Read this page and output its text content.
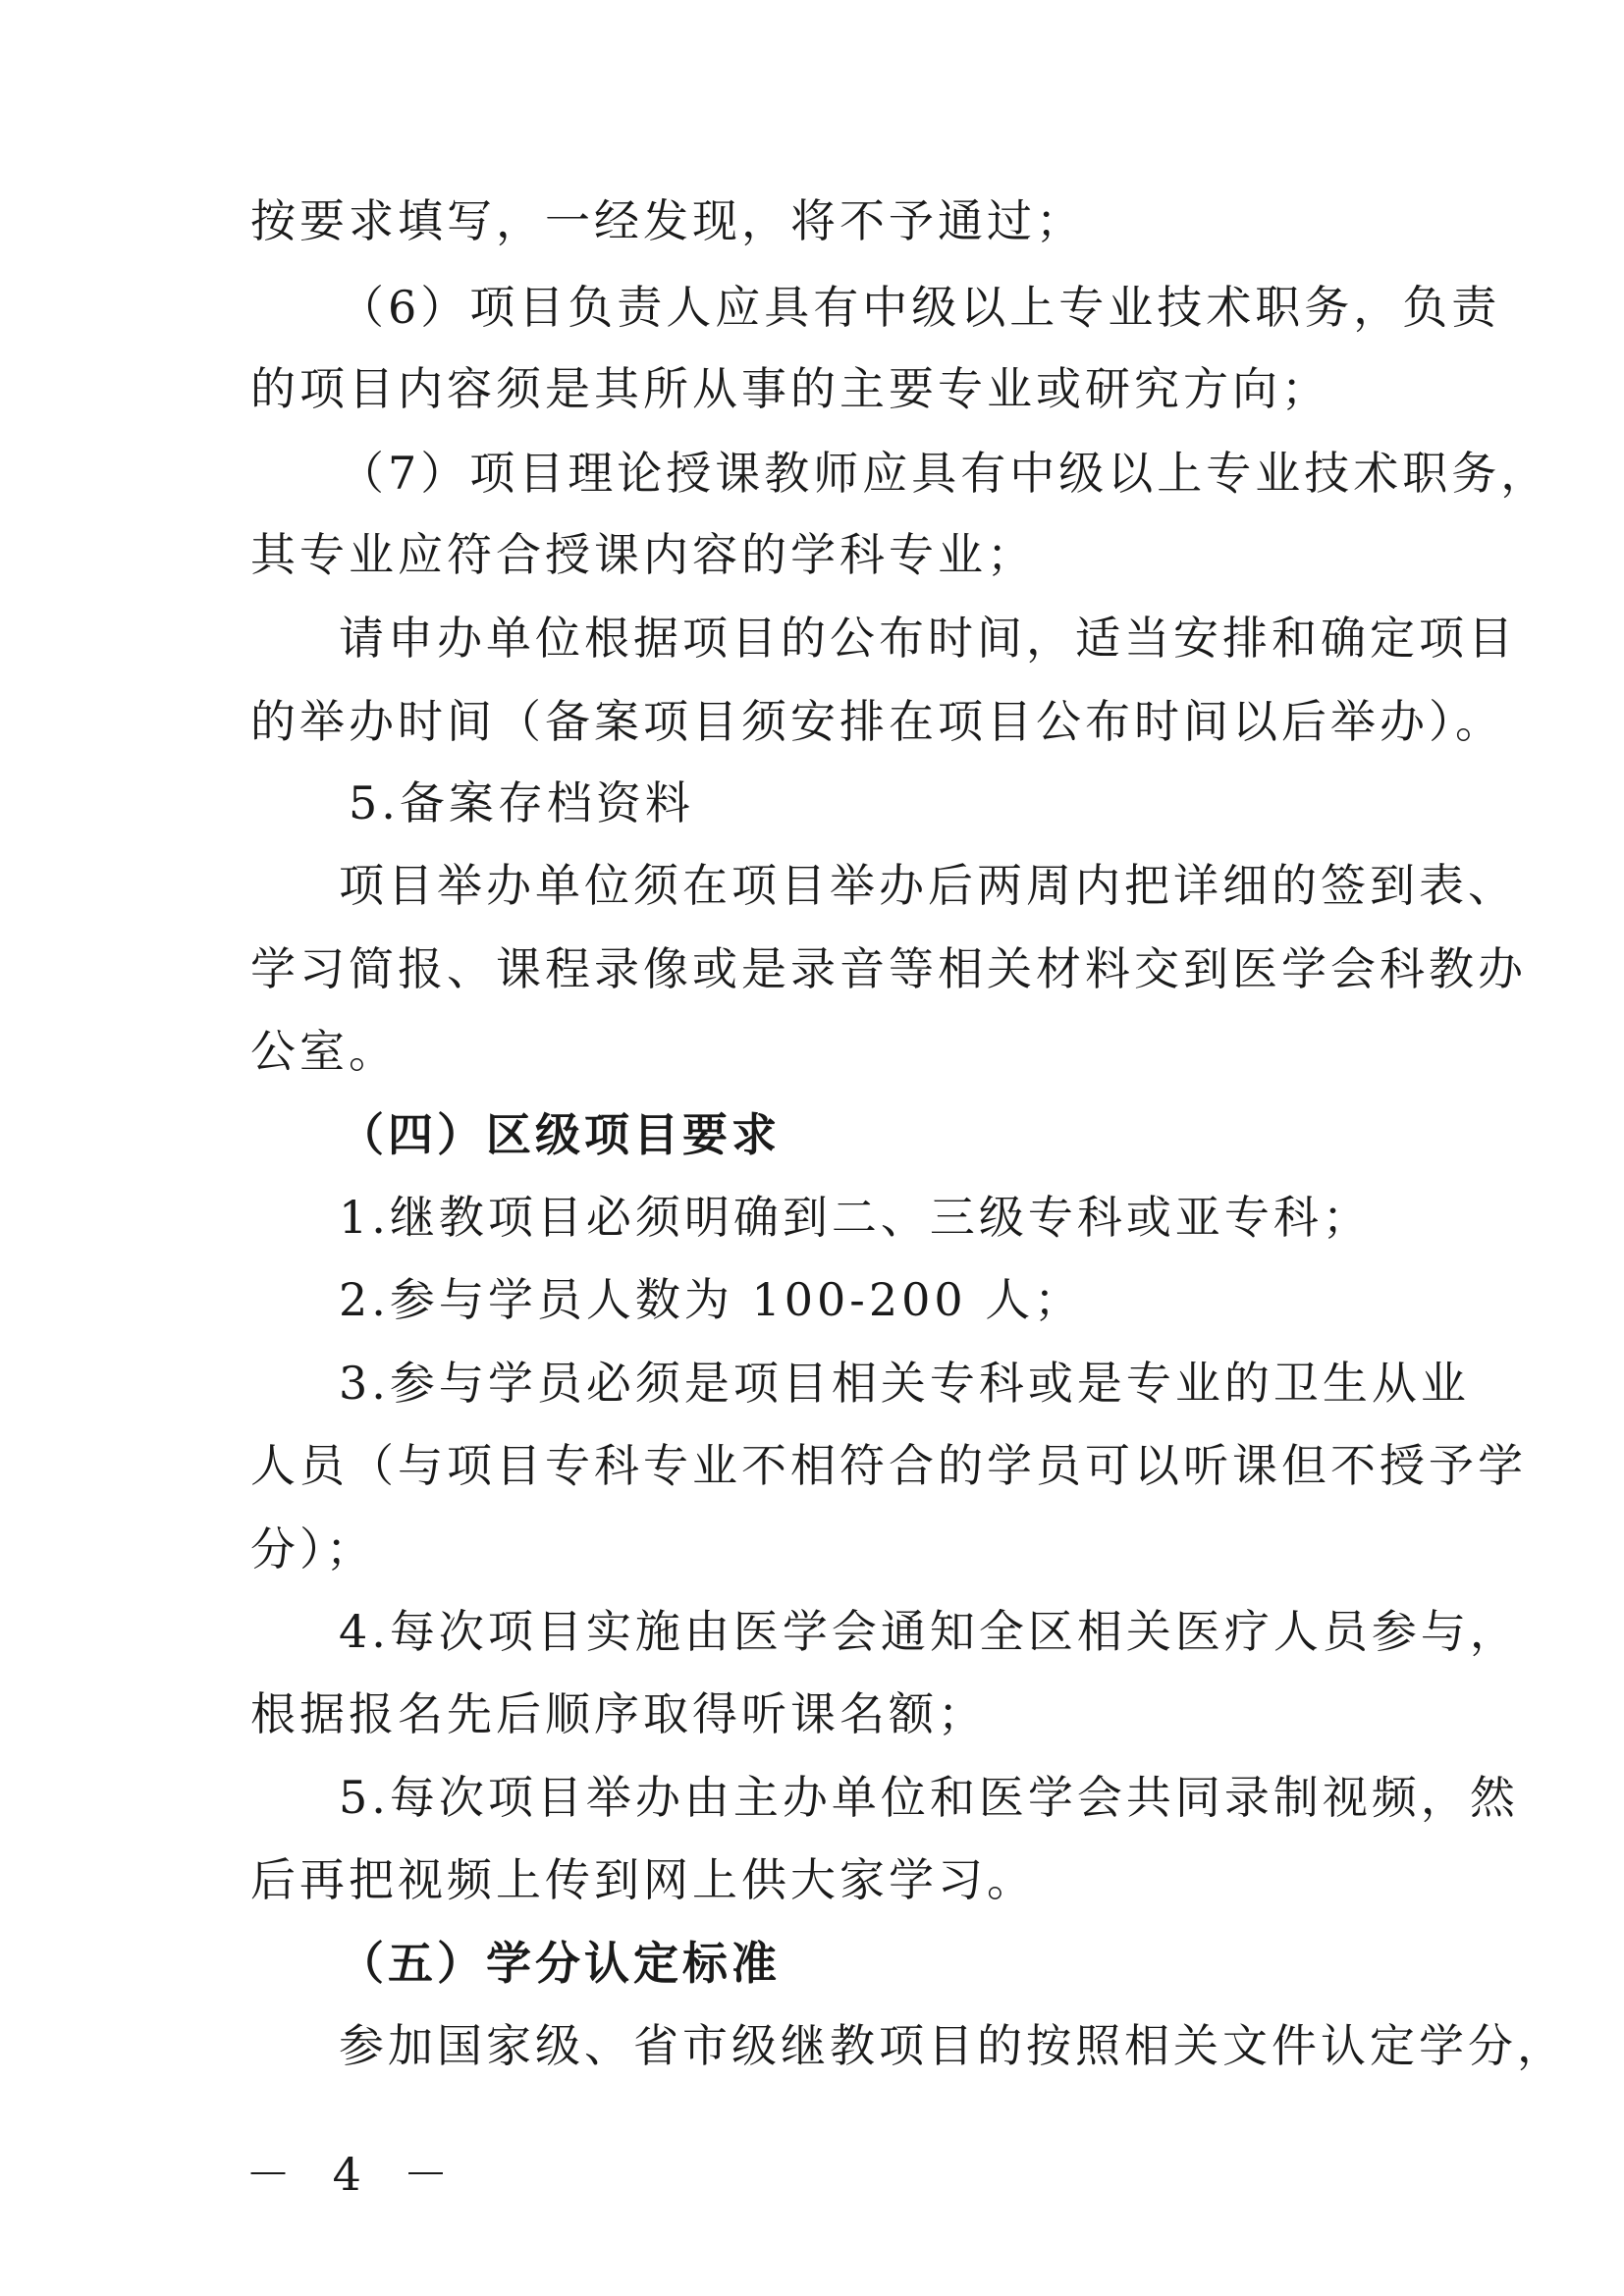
按要求填写，一经发现，将不予通过；
（6）项目负责人应具有中级以上专业技术职务，负责
的项目内容须是其所从事的主要专业或研究方向；
（7）项目理论授课教师应具有中级以上专业技术职务，
其专业应符合授课内容的学科专业；
请申办单位根据项目的公布时间，适当安排和确定项目
的举办时间（备案项目须安排在项目公布时间以后举办）。
5.备案存档资料
项目举办单位须在项目举办后两周内把详细的签到表、
学习简报、课程录像或是录音等相关材料交到医学会科教办
公室。
（四）区级项目要求
1.继教项目必须明确到二、三级专科或亚专科；
2.参与学员人数为 100-200 人；
3.参与学员必须是项目相关专科或是专业的卫生从业
人员（与项目专科专业不相符合的学员可以听课但不授予学
分）；
4.每次项目实施由医学会通知全区相关医疗人员参与，
根据报名先后顺序取得听课名额；
5.每次项目举办由主办单位和医学会共同录制视频，然
后再把视频上传到网上供大家学习。
（五）学分认定标准
参加国家级、省市级继教项目的按照相关文件认定学分，
－ 4 －
